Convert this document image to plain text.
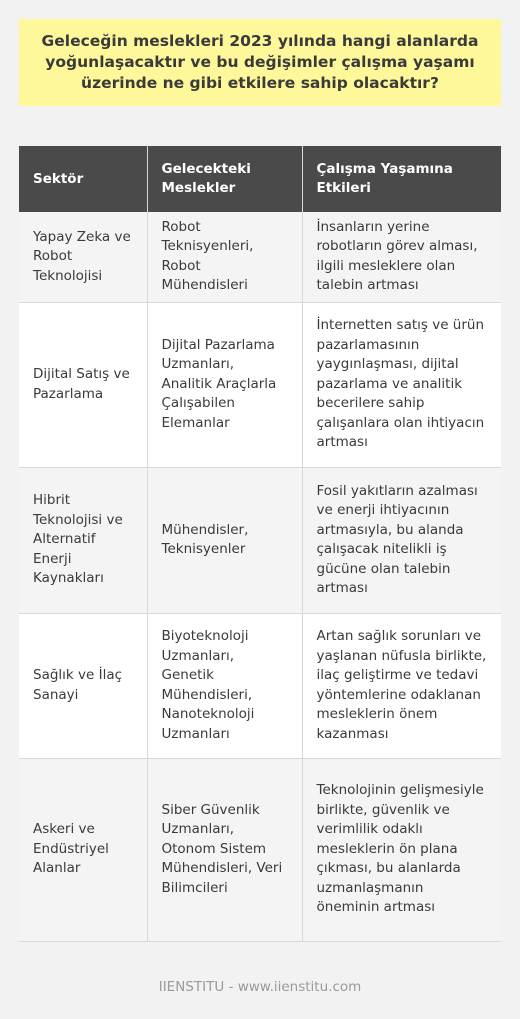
Geleceğin meslekleri 2023 yılında hangi alanlarda yoğunlaşacaktır ve bu değişimler çalışma yaşamı üzerinde ne gibi etkilere sahip olacaktır?
Sektör	Gelecekteki Meslekler	Çalışma Yaşamına Etkileri
Yapay Zeka ve Robot Teknolojisi	Robot Teknisyenleri, Robot Mühendisleri	İnsanların yerine robotların görev alması, ilgili mesleklere olan talebin artması
Dijital Satış ve Pazarlama	Dijital Pazarlama Uzmanları, Analitik Araçlarla Çalışabilen Elemanlar	İnternetten satış ve ürün pazarlamasının yaygınlaşması, dijital pazarlama ve analitik becerilere sahip çalışanlara olan ihtiyacın artması
Hibrit Teknolojisi ve Alternatif Enerji Kaynakları	Mühendisler, Teknisyenler	Fosil yakıtların azalması ve enerji ihtiyacının artmasıyla, bu alanda çalışacak nitelikli iş gücüne olan talebin artması
Sağlık ve İlaç Sanayi	Biyoteknoloji Uzmanları, Genetik Mühendisleri, Nanoteknoloji Uzmanları	Artan sağlık sorunları ve yaşlanan nüfusla birlikte, ilaç geliştirme ve tedavi yöntemlerine odaklanan mesleklerin önem kazanması
Askeri ve Endüstriyel Alanlar	Siber Güvenlik Uzmanları, Otonom Sistem Mühendisleri, Veri Bilimcileri	Teknolojinin gelişmesiyle birlikte, güvenlik ve verimlilik odaklı mesleklerin ön plana çıkması, bu alanlarda uzmanlaşmanın öneminin artması
IIENSTITU - www.iienstitu.com
